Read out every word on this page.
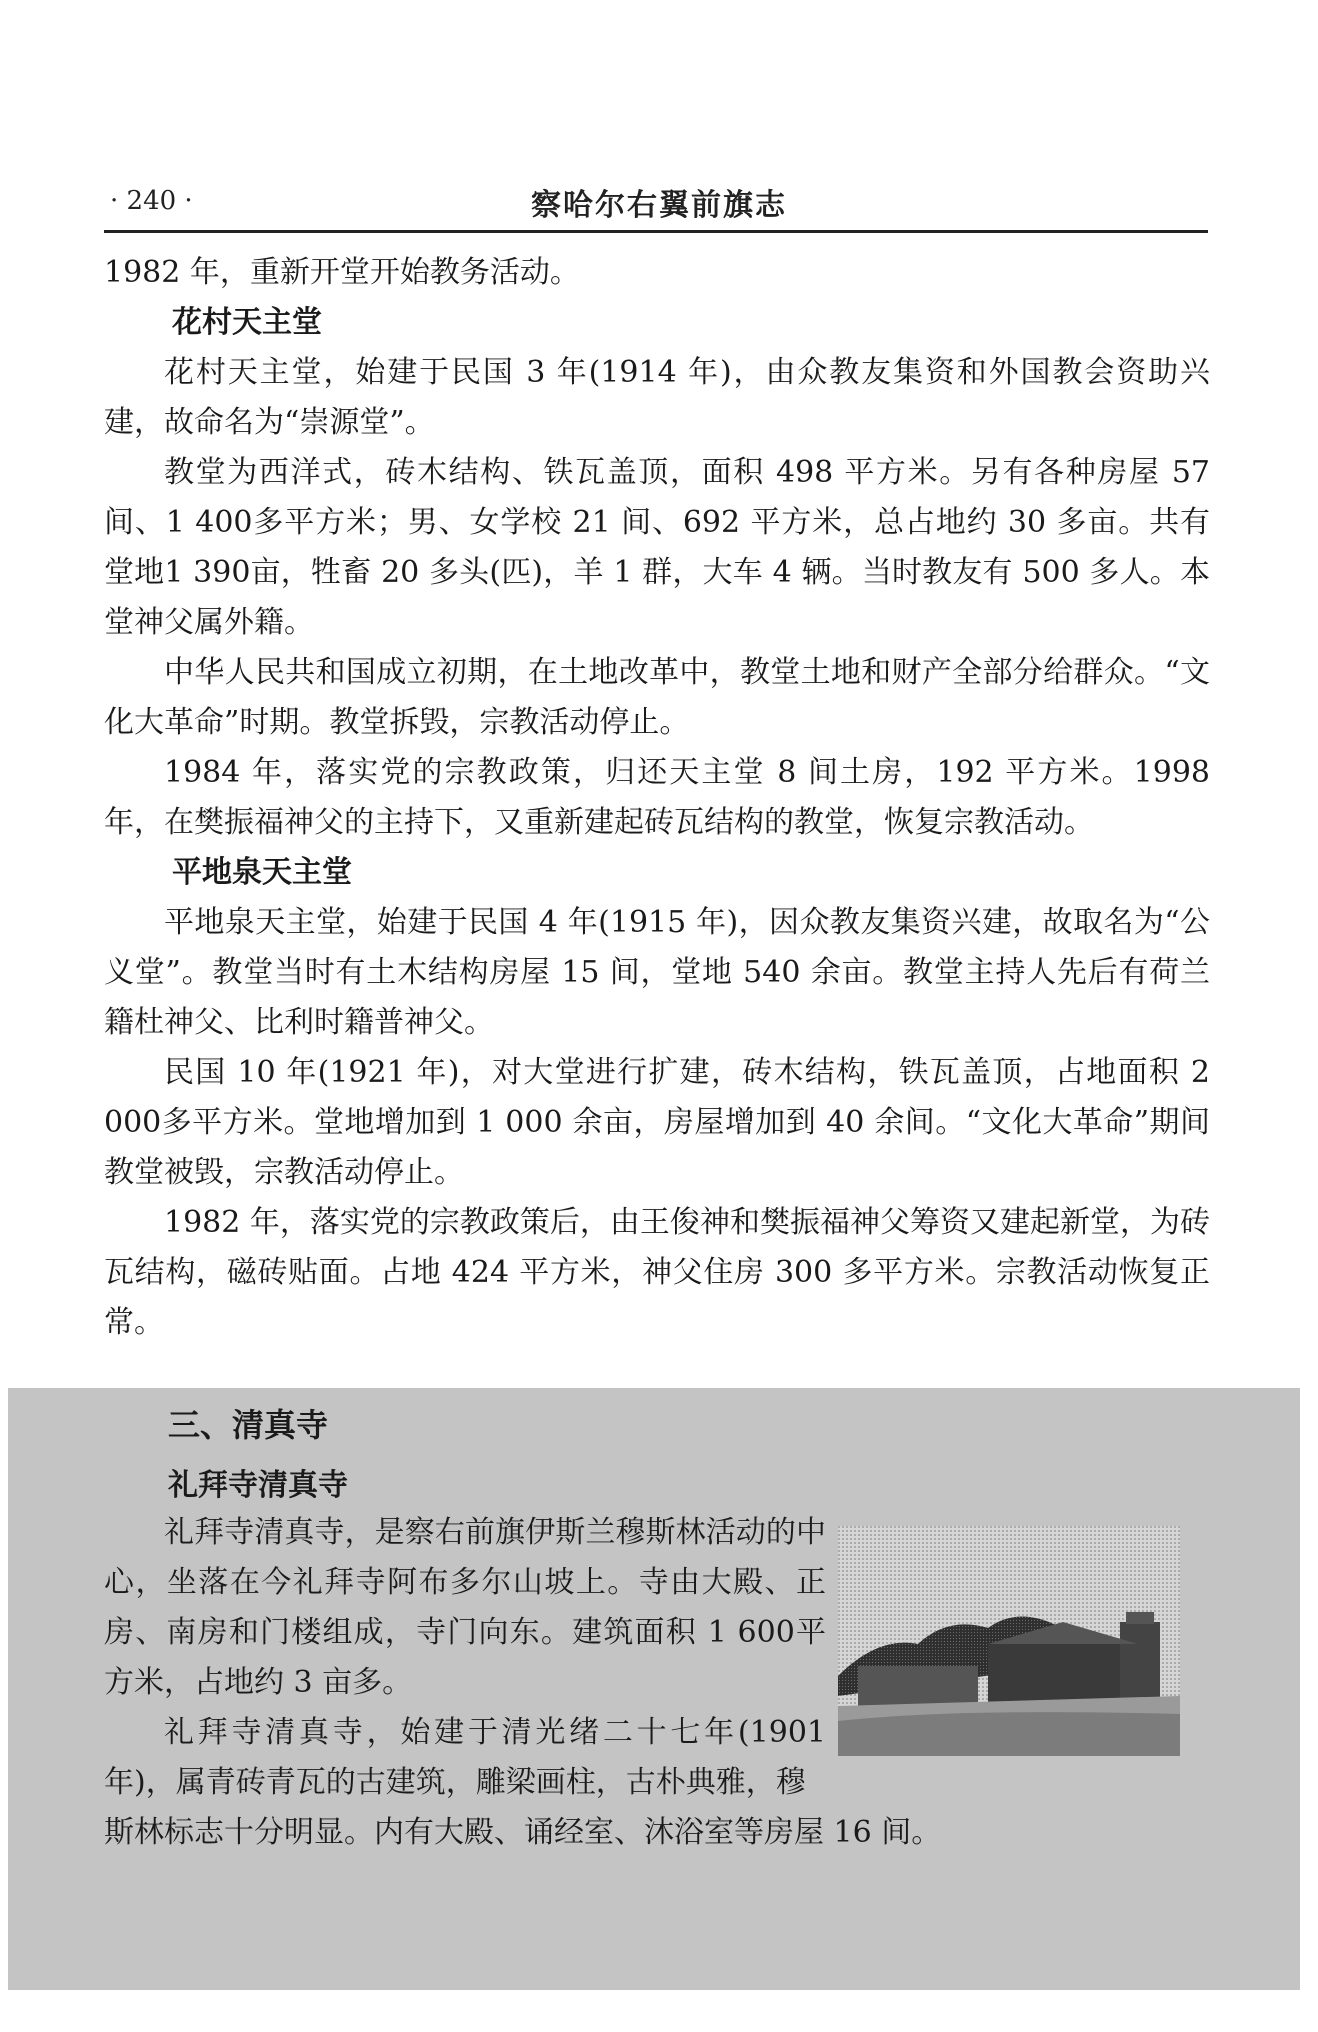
· 240 ·	察哈尔右翼前旗志

1982 年，重新开堂开始教务活动。

花村天主堂

花村天主堂，始建于民国 3 年(1914 年)，由众教友集资和外国教会资助兴建，故命名为“崇源堂”。

教堂为西洋式，砖木结构、铁瓦盖顶，面积 498 平方米。另有各种房屋 57 间、1 400多平方米；男、女学校 21 间、692 平方米，总占地约 30 多亩。共有堂地1 390亩，牲畜 20 多头(匹)，羊 1 群，大车 4 辆。当时教友有 500 多人。本堂神父属外籍。

中华人民共和国成立初期，在土地改革中，教堂土地和财产全部分给群众。“文化大革命”时期。教堂拆毁，宗教活动停止。

1984 年，落实党的宗教政策，归还天主堂 8 间土房，192 平方米。1998 年，在樊振福神父的主持下，又重新建起砖瓦结构的教堂，恢复宗教活动。

平地泉天主堂

平地泉天主堂，始建于民国 4 年(1915 年)，因众教友集资兴建，故取名为“公义堂”。教堂当时有土木结构房屋 15 间，堂地 540 余亩。教堂主持人先后有荷兰籍杜神父、比利时籍普神父。

民国 10 年(1921 年)，对大堂进行扩建，砖木结构，铁瓦盖顶，占地面积 2 000多平方米。堂地增加到 1 000 余亩，房屋增加到 40 余间。“文化大革命”期间教堂被毁，宗教活动停止。

1982 年，落实党的宗教政策后，由王俊神和樊振福神父筹资又建起新堂，为砖瓦结构，磁砖贴面。占地 424 平方米，神父住房 300 多平方米。宗教活动恢复正常。

三、清真寺
礼拜寺清真寺

礼拜寺清真寺，是察右前旗伊斯兰穆斯林活动的中心，坐落在今礼拜寺阿布多尔山坡上。寺由大殿、正房、南房和门楼组成，寺门向东。建筑面积 1 600平方米，占地约 3 亩多。

礼拜寺清真寺，始建于清光绪二十七年(1901 年)，属青砖青瓦的古建筑，雕梁画柱，古朴典雅，穆

斯林标志十分明显。内有大殿、诵经室、沐浴室等房屋 16 间。
